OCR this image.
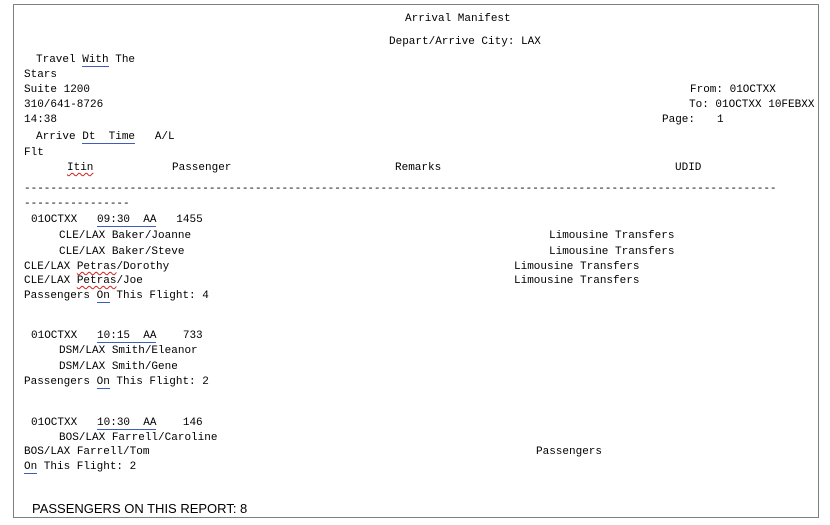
Arrival Manifest
Depart/Arrive City: LAX
Travel With The
Stars
Suite 1200
310/641-8726
14:38
From: 01OCTXX
To: 01OCTXX 10FEBXX
Page: 1
Arrive Dt Time   A/L
Flt
Itin	Passenger	Remarks	UDID
------------------------------------------------------------------------------------------------------------------
----------------
01OCTXX 09:30  AA 1455
CLE/LAX Baker/Joanne	Limousine Transfers
CLE/LAX Baker/Steve	Limousine Transfers
CLE/LAX Petras/Dorothy	Limousine Transfers
CLE/LAX Petras/Joe	Limousine Transfers
Passengers On This Flight: 4
01OCTXX 10:15  AA 733
DSM/LAX Smith/Eleanor
DSM/LAX Smith/Gene
Passengers On This Flight: 2
01OCTXX 10:30  AA 146
BOS/LAX Farrell/Caroline
BOS/LAX Farrell/Tom	Passengers
On This Flight: 2
PASSENGERS ON THIS REPORT: 8
